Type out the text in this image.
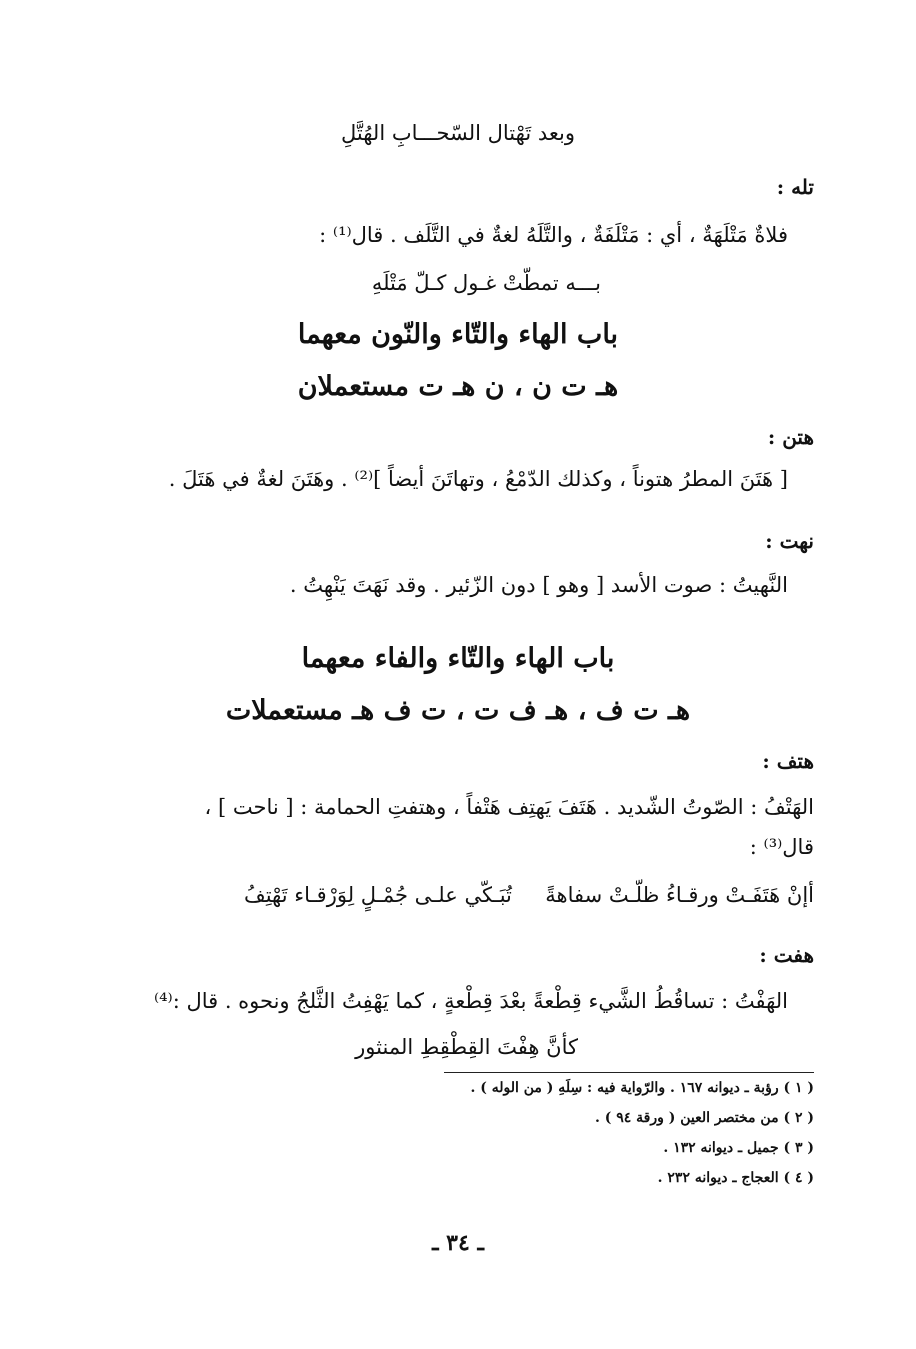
وبعد تَهْتال السّحـــابِ الهُتَّلِ
تله :
فلاةٌ مَتْلَهَةٌ ، أي : مَتْلَفَةٌ ، والتَّلَهُ لغةٌ في التَّلَف . قال⁽¹⁾ :
بـــه تمطّتْ غـول كـلّ مَتْلَهِ
باب الهاء والتّاء والنّون معهما
هـ ت ن ، ن هـ ت مستعملان
هتن :
[ هَتَنَ المطرُ هتوناً ، وكذلك الدّمْعُ ، وتهاتَنَ أيضاً ]⁽²⁾ . وهَتَنَ لغةٌ في هَتَلَ .
نهت :
النَّهيتُ : صوت الأسد [ وهو ] دون الزّئير . وقد نَهَتَ يَنْهِتُ .
باب الهاء والتّاء والفاء معهما
هـ ت ف ، هـ ف ت ، ت ف هـ مستعملات
هتف :
الهَتْفُ : الصّوتُ الشّديد . هَتَفَ يَهتِف هَتْفاً ، وهتفتِ الحمامة : [ ناحت ] ،
قال⁽³⁾ :
أإنْ هَتَفَـتْ ورقـاءُ ظلّـتْ سفاهةً     تُبَـكّي علـى جُمْـلٍ لِوَرْقـاء تَهْتِفُ
هفت :
الهَفْتُ : تساقُطُ الشَّيء قِطْعةً بعْدَ قِطْعةٍ ، كما يَهْفِتُ الثَّلجُ ونحوه . قال :⁽⁴⁾
كأنَّ هِفْتَ القِطْقِطِ المنثور
( ١ ) رؤبة ـ ديوانه ١٦٧ . والرّواية فيه : سِلَهِ ( من الوله ) .
( ٢ ) من مختصر العين ( ورقة ٩٤ ) .
( ٣ ) جميل ـ ديوانه ١٣٢ .
( ٤ ) العجاج ـ ديوانه ٢٣٢ .
ـ ٣٤ ـ
